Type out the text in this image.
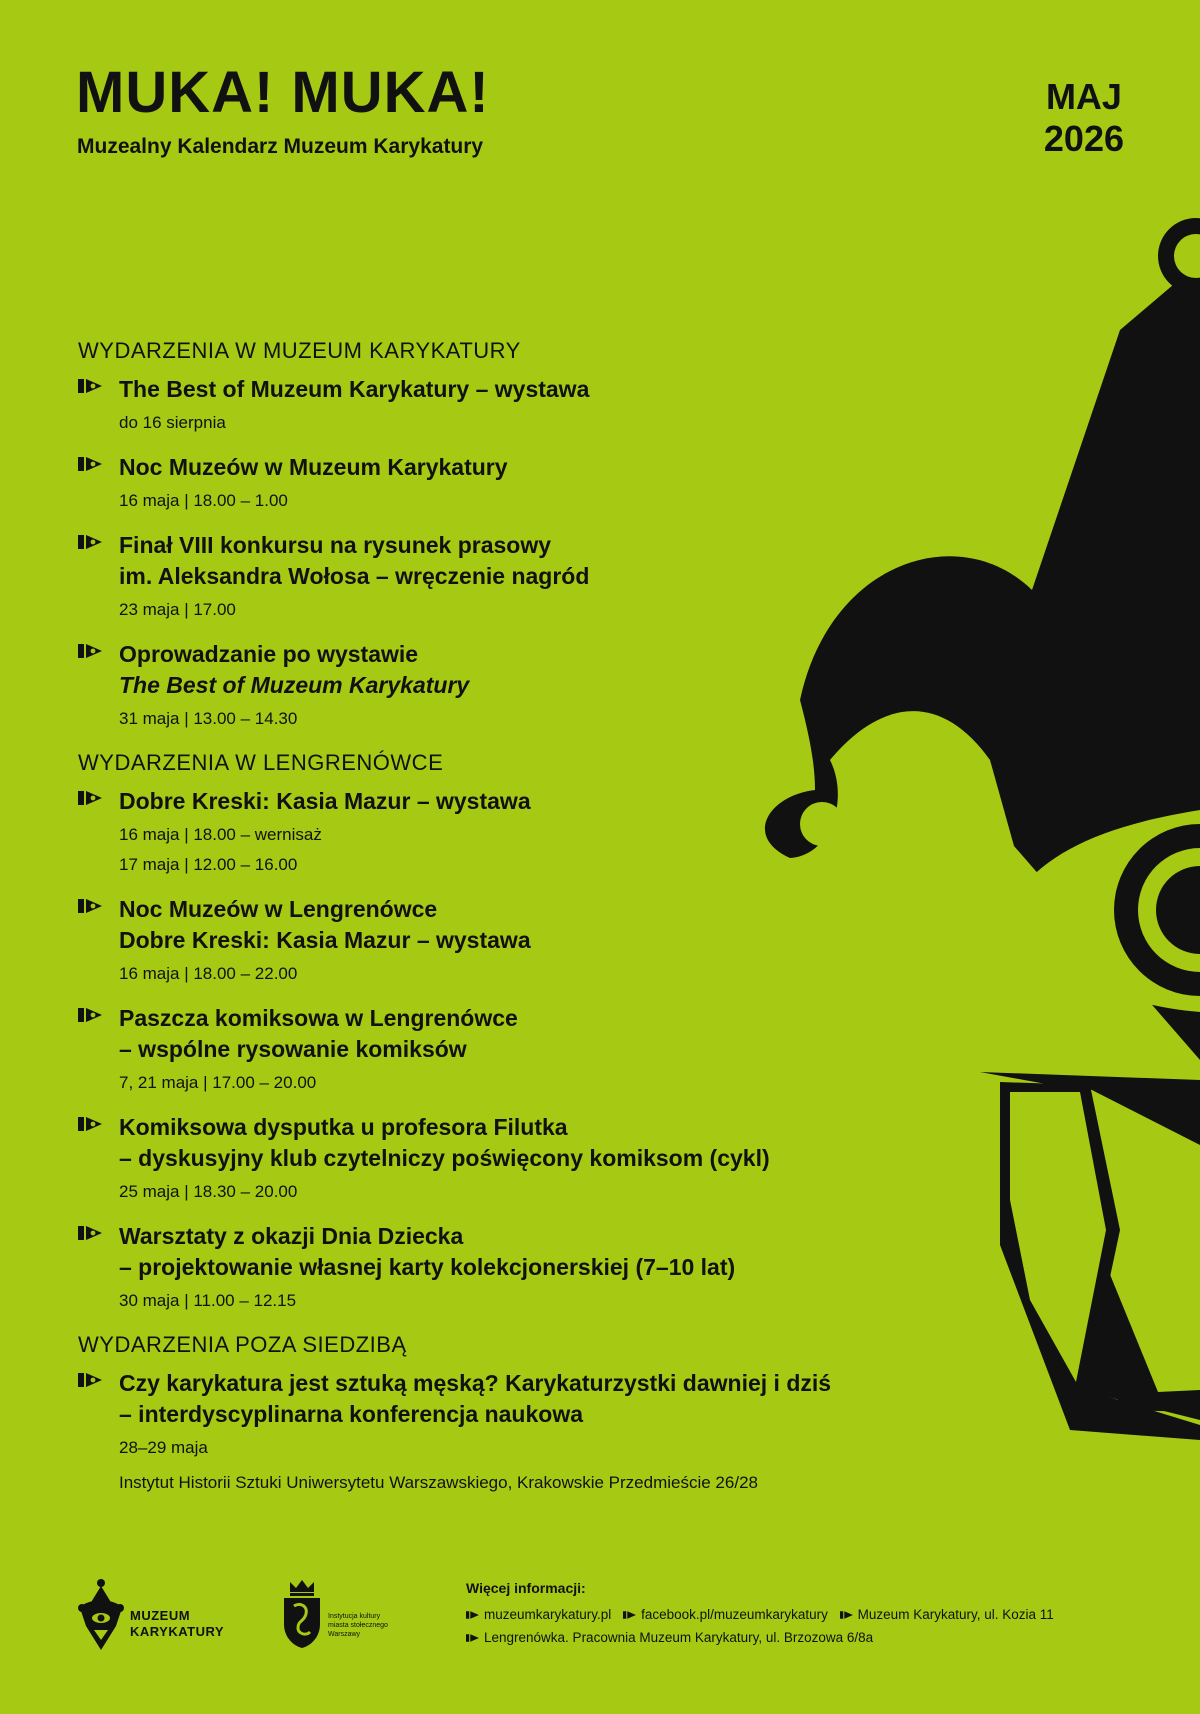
MUKA! MUKA!
Muzealny Kalendarz Muzeum Karykatury
MAJ
2026
WYDARZENIA W MUZEUM KARYKATURY
The Best of Muzeum Karykatury – wystawa
do 16 sierpnia
Noc Muzeów w Muzeum Karykatury
16 maja | 18.00 – 1.00
Finał VIII konkursu na rysunek prasowy
im. Aleksandra Wołosa – wręczenie nagród
23 maja | 17.00
Oprowadzanie po wystawie
The Best of Muzeum Karykatury
31 maja | 13.00 – 14.30
WYDARZENIA W LENGRENÓWCE
Dobre Kreski: Kasia Mazur – wystawa
16 maja | 18.00 – wernisaż
17 maja | 12.00 – 16.00
Noc Muzeów w Lengrenówce
Dobre Kreski: Kasia Mazur – wystawa
16 maja | 18.00 – 22.00
Paszcza komiksowa w Lengrenówce
– wspólne rysowanie komiksów
7, 21 maja | 17.00 – 20.00
Komiksowa dysputka u profesora Filutka
– dyskusyjny klub czytelniczy poświęcony komiksom (cykl)
25 maja | 18.30 – 20.00
Warsztaty z okazji Dnia Dziecka
– projektowanie własnej karty kolekcjonerskiej (7–10 lat)
30 maja | 11.00 – 12.15
WYDARZENIA POZA SIEDZIBĄ
Czy karykatura jest sztuką męską? Karykaturzystki dawniej i dziś
– interdyscyplinarna konferencja naukowa
28–29 maja
Instytut Historii Sztuki Uniwersytetu Warszawskiego, Krakowskie Przedmieście 26/28
MUZEUM
KARYKATURY
Instytucja kultury
miasta stołecznego
Warszawy
Więcej informacji:
muzeumkarykatury.pl
facebook.pl/muzeumkarykatury
Muzeum Karykatury, ul. Kozia 11
Lengrenówka. Pracownia Muzeum Karykatury, ul. Brzozowa 6/8a
